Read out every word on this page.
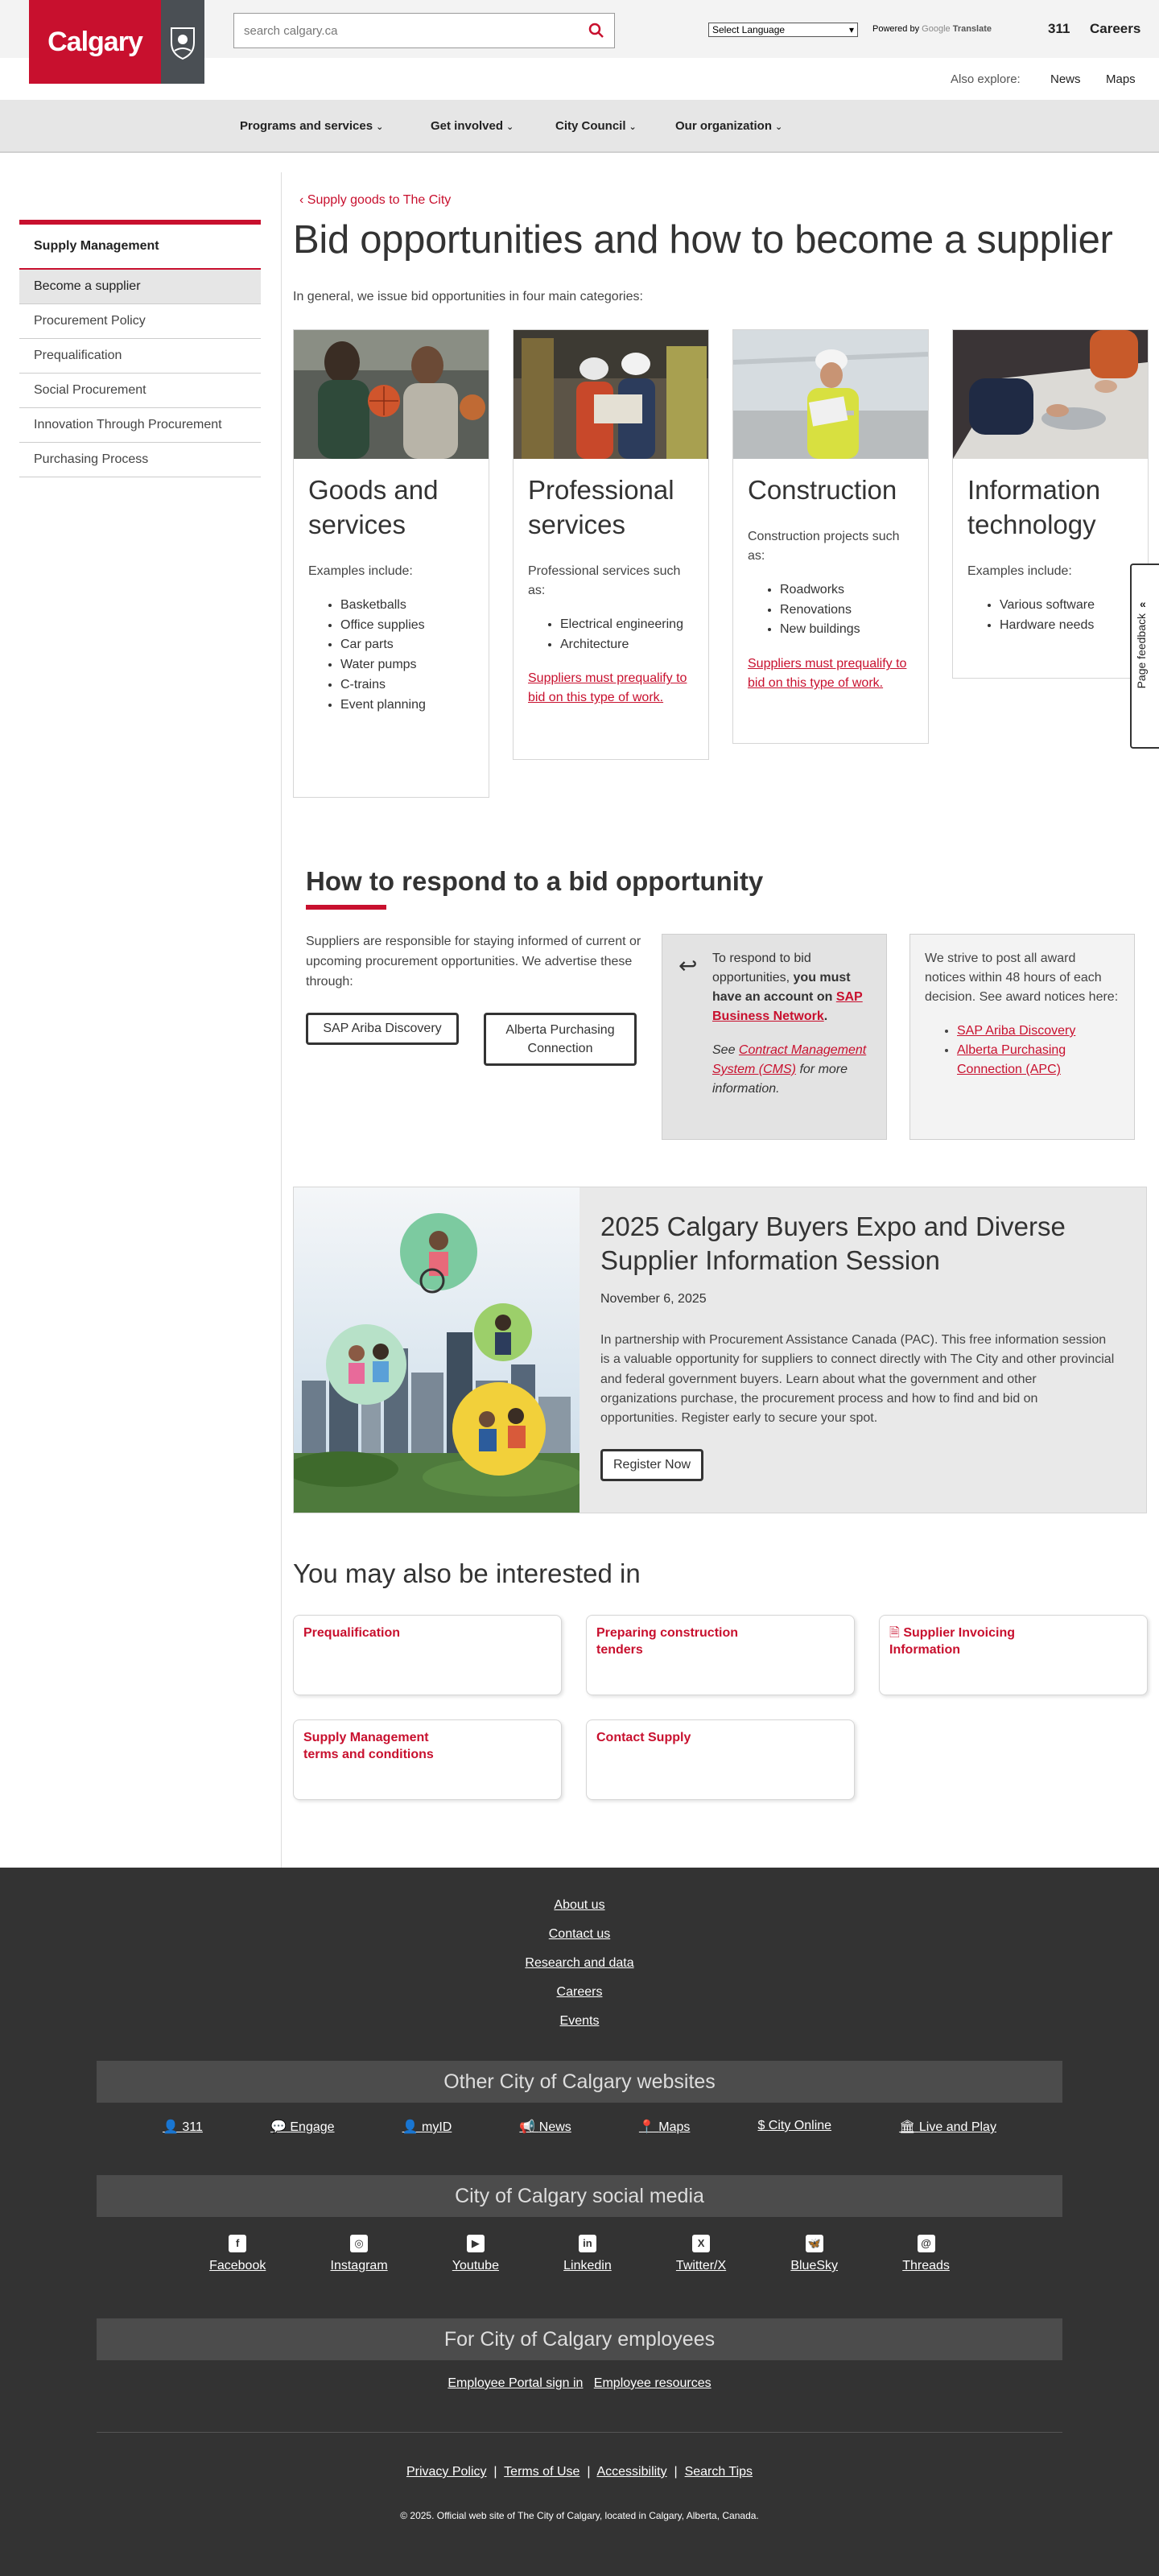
search calgary.ca	Select Language	▾ Powered by Google Translate	311 Careers
Also explore: News Maps
Programs and services ⌄	Get involved ⌄	City Council ⌄	Our organization ⌄
Calgary
Supply Management
Become a supplier
Procurement Policy
Prequalification
Social Procurement
Innovation Through Procurement
Purchasing Process
‹ Supply goods to The City
Bid opportunities and how to become a supplier

In general, we issue bid opportunities in four main categories:

Goods and services

Examples include:

• Basketballs
• Office supplies
• Car parts
• Water pumps
• C-trains
• Event planning
Professional services

Professional services such as:

• Electrical engineering
• Architecture
Suppliers must prequalify to bid on this type of work.
Construction

Construction projects such as:

• Roadworks
• Renovations
• New buildings
Suppliers must prequalify to bid on this type of work.
Information technology

Examples include:

• Various software
• Hardware needs
«
Page feedback
How to respond to a bid opportunity

Suppliers are responsible for staying informed of current or upcoming procurement opportunities. We advertise these through:

SAP Ariba Discovery	Alberta Purchasing Connection
↩ To respond to bid opportunities, you must have an account on SAP Business Network.

See Contract Management System (CMS) for more information.

We strive to post all award notices within 48 hours of each decision. See award notices here:

• SAP Ariba Discovery
• Alberta Purchasing Connection (APC)
2025 Calgary Buyers Expo and Diverse Supplier Information Session
November 6, 2025

In partnership with Procurement Assistance Canada (PAC). This free information session is a valuable opportunity for suppliers to connect directly with The City and other provincial and federal government buyers. Learn about what the government and other organizations purchase, the procurement process and how to find and bid on opportunities. Register early to secure your spot.

Register Now
You may also be interested in
Prequalification	Preparing construction tenders
🗎 Supplier Invoicing Information
Supply Management terms and conditions
Contact Supply
About us
Contact us
Research and data
Careers
Events
Other City of Calgary websites
👤 311	💬 Engage	👤 myID	📢 News	📍 Maps	$ City Online	🏛 Live and Play
City of Calgary social media
f
Facebook
◎
Instagram
▶
Youtube
in
Linkedin
X
Twitter/X
🦋
BlueSky
@
Threads
For City of Calgary employees
Employee Portal sign in Employee resources
Privacy Policy  |  Terms of Use  |  Accessibility  |  Search Tips
© 2025. Official web site of The City of Calgary, located in Calgary, Alberta, Canada.
